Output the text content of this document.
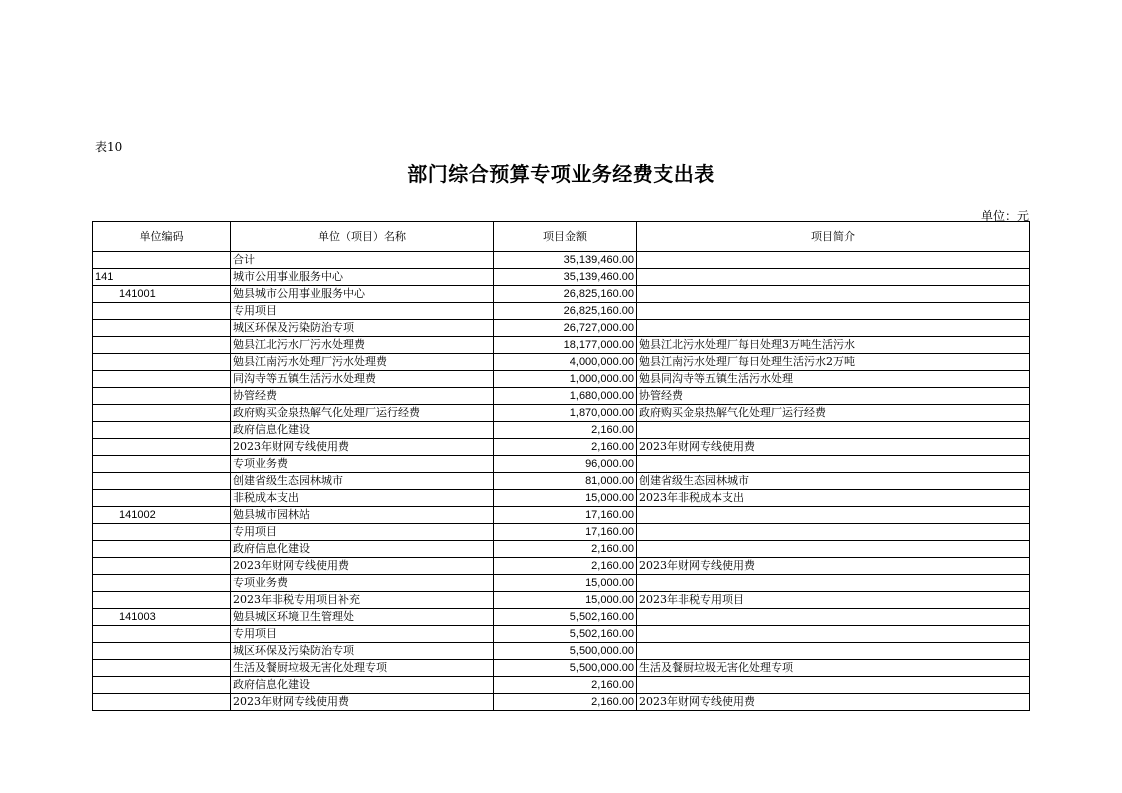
表10
部门综合预算专项业务经费支出表
单位：元
单位编码	单位（项目）名称	项目金额	项目简介
	合计	35,139,460.00	
141	城市公用事业服务中心	35,139,460.00	
141001	勉县城市公用事业服务中心	26,825,160.00	
	专用项目	26,825,160.00	
	城区环保及污染防治专项	26,727,000.00	
	勉县江北污水厂污水处理费	18,177,000.00	勉县江北污水处理厂每日处理3万吨生活污水
	勉县江南污水处理厂污水处理费	4,000,000.00	勉县江南污水处理厂每日处理生活污水2万吨
	同沟寺等五镇生活污水处理费	1,000,000.00	勉县同沟寺等五镇生活污水处理
	协管经费	1,680,000.00	协管经费
	政府购买金泉热解气化处理厂运行经费	1,870,000.00	政府购买金泉热解气化处理厂运行经费
	政府信息化建设	2,160.00	
	2023年财网专线使用费	2,160.00	2023年财网专线使用费
	专项业务费	96,000.00	
	创建省级生态园林城市	81,000.00	创建省级生态园林城市
	非税成本支出	15,000.00	2023年非税成本支出
141002	勉县城市园林站	17,160.00	
	专用项目	17,160.00	
	政府信息化建设	2,160.00	
	2023年财网专线使用费	2,160.00	2023年财网专线使用费
	专项业务费	15,000.00	
	2023年非税专用项目补充	15,000.00	2023年非税专用项目
141003	勉县城区环境卫生管理处	5,502,160.00	
	专用项目	5,502,160.00	
	城区环保及污染防治专项	5,500,000.00	
	生活及餐厨垃圾无害化处理专项	5,500,000.00	生活及餐厨垃圾无害化处理专项
	政府信息化建设	2,160.00	
	2023年财网专线使用费	2,160.00	2023年财网专线使用费
